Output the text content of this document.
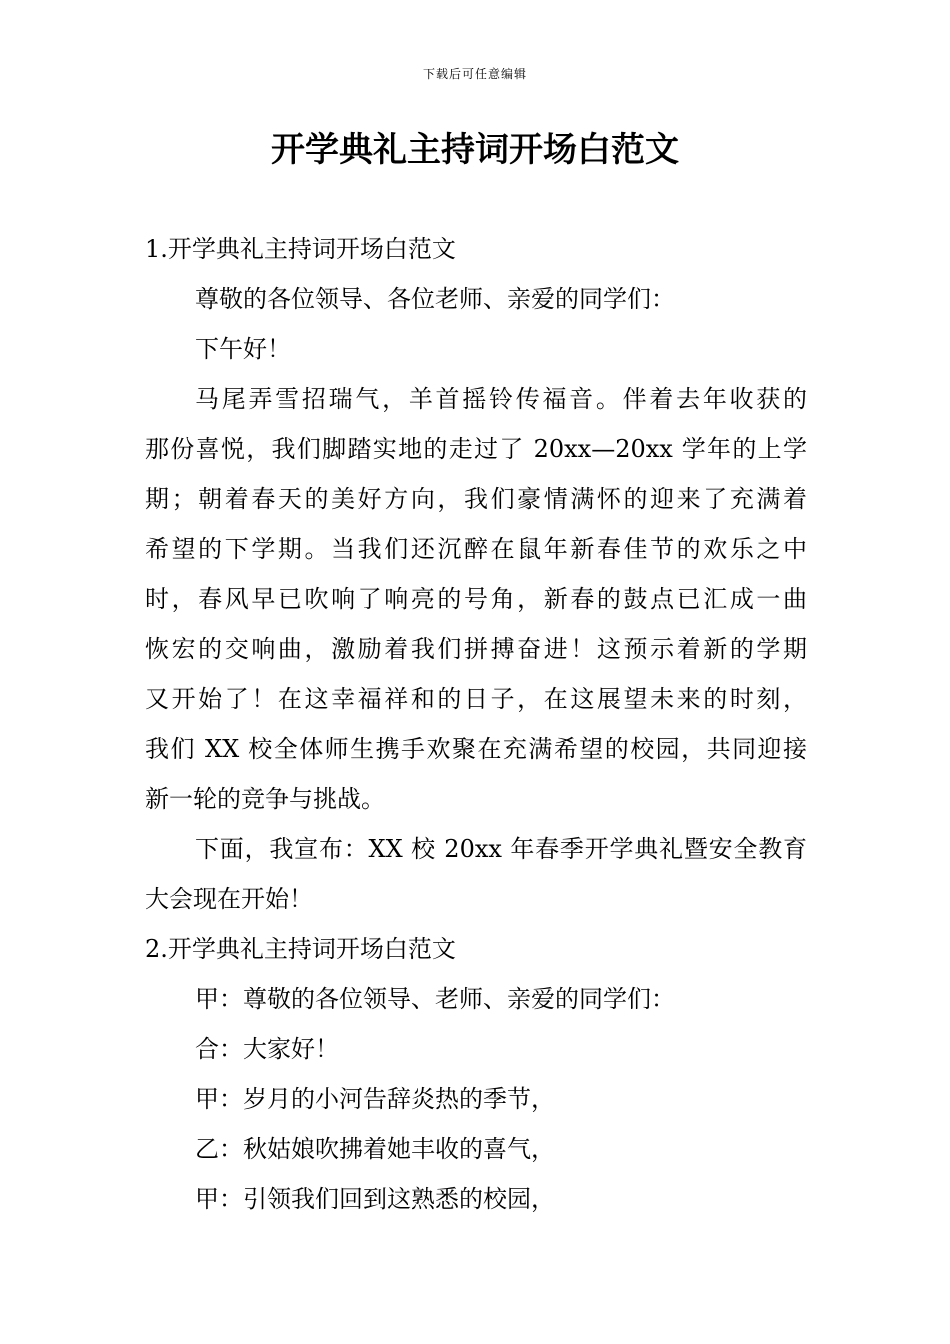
下载后可任意编辑
开学典礼主持词开场白范文
1.开学典礼主持词开场白范文
尊敬的各位领导、各位老师、亲爱的同学们：
下午好！
马尾弄雪招瑞气，羊首摇铃传福音。伴着去年收获的
那份喜悦，我们脚踏实地的走过了 20xx—20xx 学年的上学
期；朝着春天的美好方向，我们豪情满怀的迎来了充满着
希望的下学期。当我们还沉醉在鼠年新春佳节的欢乐之中
时，春风早已吹响了响亮的号角，新春的鼓点已汇成一曲
恢宏的交响曲，激励着我们拼搏奋进！这预示着新的学期
又开始了！在这幸福祥和的日子，在这展望未来的时刻，
我们 XX 校全体师生携手欢聚在充满希望的校园，共同迎接
新一轮的竞争与挑战。
下面，我宣布：XX 校 20xx 年春季开学典礼暨安全教育
大会现在开始！
2.开学典礼主持词开场白范文
甲：尊敬的各位领导、老师、亲爱的同学们：
合：大家好！
甲：岁月的小河告辞炎热的季节，
乙：秋姑娘吹拂着她丰收的喜气，
甲：引领我们回到这熟悉的校园，
